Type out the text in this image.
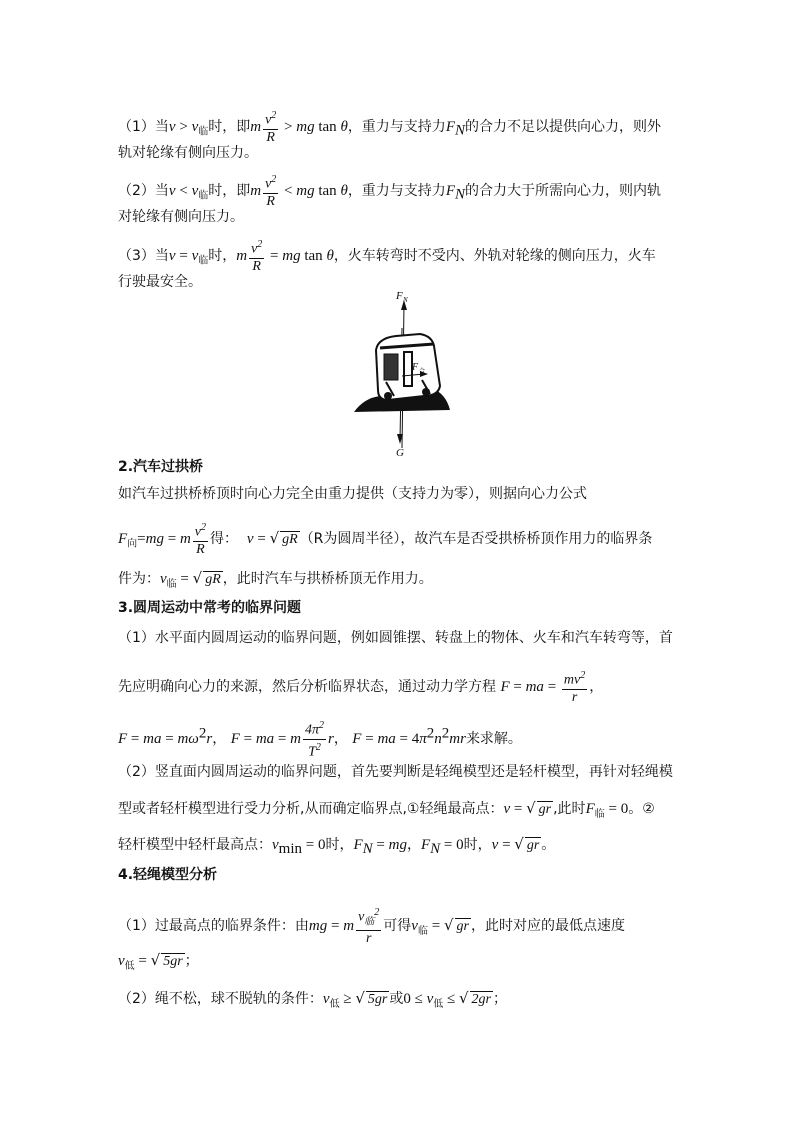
（1）当$v > v_临$时，即m $\frac{v^2}{R}$ > mg tan θ，重力与支持力$F_N$的合力不足以提供向心力，则外
轨对轮缘有侧向压力。
（2）当$v < v_临$时，即m $\frac{v^2}{R}$ < mg tan θ，重力与支持力$F_N$的合力大于所需向心力，则内轨
对轮缘有侧向压力。
（3）当$v = v_临$时，m $\frac{v^2}{R}$ = mg tan θ，火车转弯时不受内、外轨对轮缘的侧向压力，火车
行驶最安全。
F N
F 合
G
2.汽车过拱桥
如汽车过拱桥桥顶时向心力完全由重力提供（支持力为零），则据向心力公式
$F_向=mg = m \frac{v^2}{R}$ 得： v = √ gR （R为圆周半径），故汽车是否受拱桥桥顶作用力的临界条
件为：$v_临$ = √ gR ，此时汽车与拱桥桥顶无作用力。
3.圆周运动中常考的临界问题
（1）水平面内圆周运动的临界问题，例如圆锥摆、转盘上的物体、火车和汽车转弯等，首
先应明确向心力的来源，然后分析临界状态，通过动力学方程 F = ma = $\frac{mv^2}{r}$ ，
F = ma = $m\omega^2r$， F = ma = m $\frac{4\pi^2}{T^2}$ r， F = ma = $4\pi^2n^2mr$来求解。
（2）竖直面内圆周运动的临界问题，首先要判断是轻绳模型还是轻杆模型，再针对轻绳模
型或者轻杆模型进行受力分析,从而确定临界点,①轻绳最高点：v = √ gr ,此时$F_临 = 0$。②
轻杆模型中轻杆最高点：$v_{min} = 0$时，$F_N$ = mg，$F_N = 0$时，v = √ gr 。
4.轻绳模型分析
（1）过最高点的临界条件：由mg = m $\frac{v_临^2}{r}$ 可得$v_临$ = √ gr ，此时对应的最低点速度
$v_低$ = √ 5gr ；
（2）绳不松，球不脱轨的条件：$v_低$ ≥ √ 5gr 或$0 \le v_低$ ≤ √ 2gr ；
